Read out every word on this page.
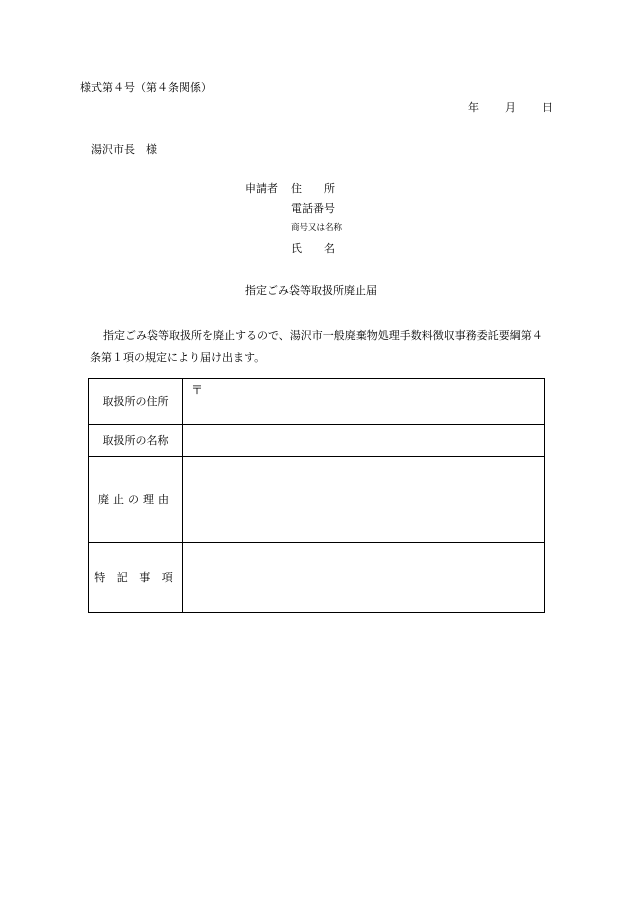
様式第４号（第４条関係）
年 月 日
湯沢市長　様
申請者 住　　所
電話番号
商号又は名称
氏　　名
指定ごみ袋等取扱所廃止届
指定ごみ袋等取扱所を廃止するので、湯沢市一般廃棄物処理手数料徴収事務委託要綱第４条第１項の規定により届け出ます。
取扱所の住所	〒

取扱所の名称	
廃止の理由	
特 記 事 項	
